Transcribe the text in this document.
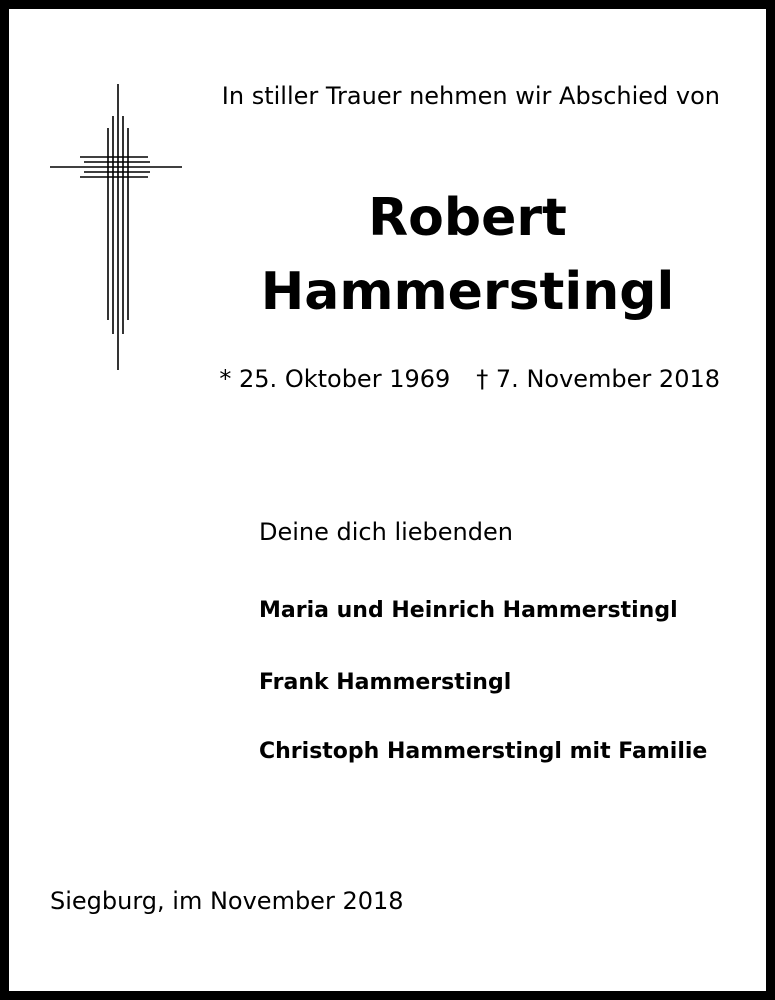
In stiller Trauer nehmen wir Abschied von
Robert
Hammerstingl
* 25. Oktober 1969 † 7. November 2018
Deine dich liebenden
Maria und Heinrich Hammerstingl
Frank Hammerstingl
Christoph Hammerstingl mit Familie
Siegburg, im November 2018
